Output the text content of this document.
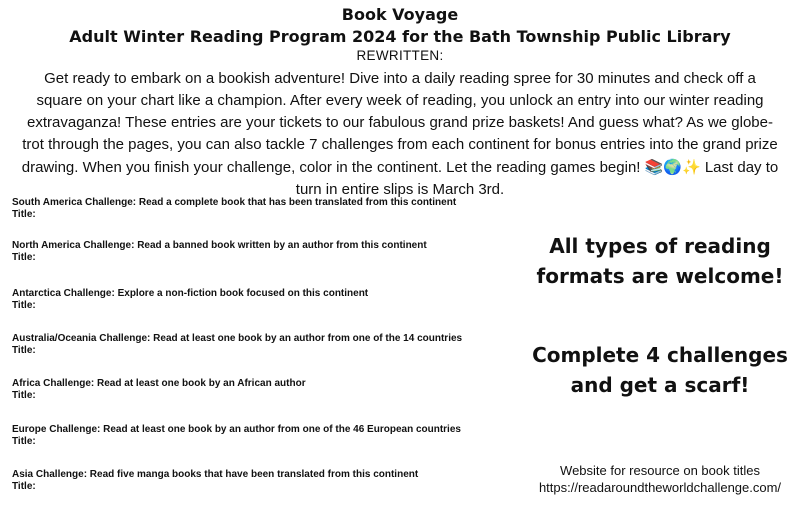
Book Voyage

Adult Winter Reading Program 2024 for the Bath Township Public Library

REWRITTEN:

Get ready to embark on a bookish adventure! Dive into a daily reading spree for 30 minutes and check off a square on your chart like a champion. After every week of reading, you unlock an entry into our winter reading extravaganza! These entries are your tickets to our fabulous grand prize baskets! And guess what? As we globe-trot through the pages, you can also tackle 7 challenges from each continent for bonus entries into the grand prize drawing. When you finish your challenge, color in the continent. Let the reading games begin! 📚🌍✨ Last day to turn in entire slips is March 3rd.

South America Challenge: Read a complete book that has been translated from this continent
Title:
North America Challenge: Read a banned book written by an author from this continent
Title:
Antarctica Challenge: Explore a non-fiction book focused on this continent
Title:
Australia/Oceania Challenge: Read at least one book by an author from one of the 14 countries
Title:
Africa Challenge: Read at least one book by an African author
Title:
Europe Challenge: Read at least one book by an author from one of the 46 European countries
Title:
Asia Challenge: Read five manga books that have been translated from this continent
Title:
All types of reading
formats are welcome!
Complete 4 challenges
and get a scarf!
Website for resource on book titles
https://readaroundtheworldchallenge.com/
